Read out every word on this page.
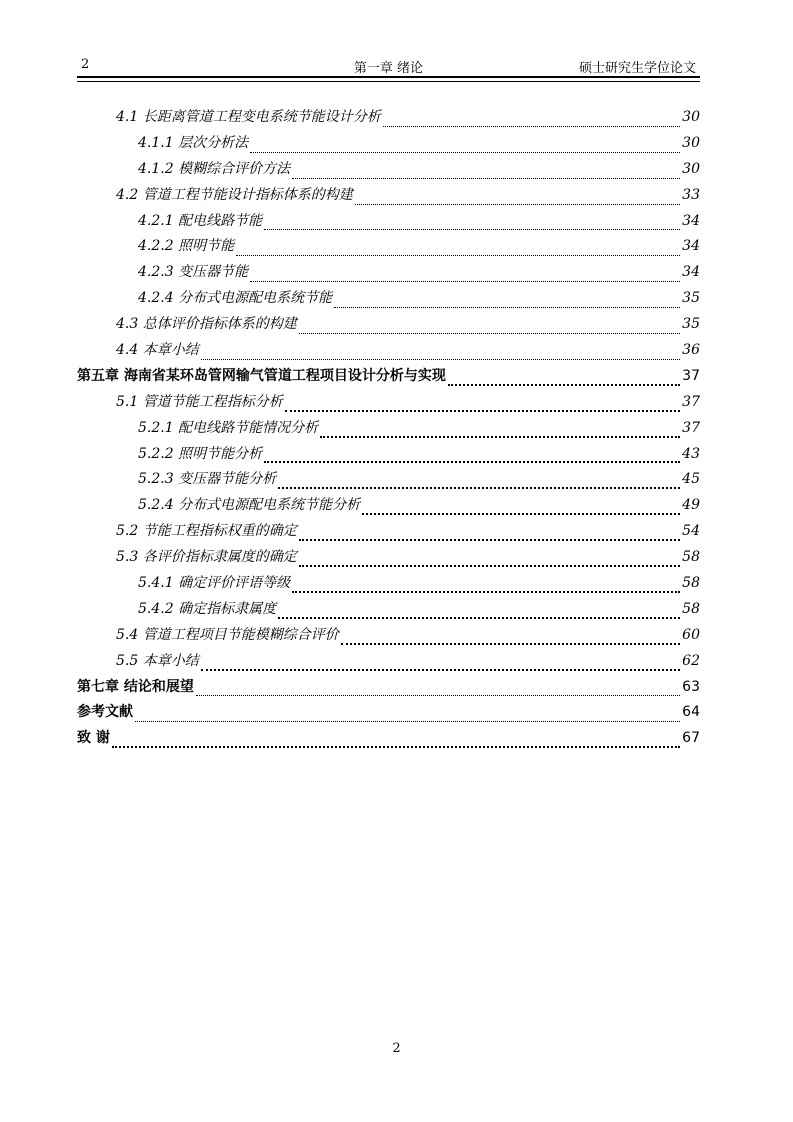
2	第一章 绪论	硕士研究生学位论文
4.1 长距离管道工程变电系统节能设计分析	30
4.1.1 层次分析法	30
4.1.2 模糊综合评价方法	30
4.2 管道工程节能设计指标体系的构建	33
4.2.1 配电线路节能	34
4.2.2 照明节能	34
4.2.3 变压器节能	34
4.2.4 分布式电源配电系统节能	35
4.3 总体评价指标体系的构建	35
4.4 本章小结	36
第五章 海南省某环岛管网输气管道工程项目设计分析与实现	37
5.1 管道节能工程指标分析	37
5.2.1 配电线路节能情况分析	37
5.2.2 照明节能分析	43
5.2.3 变压器节能分析	45
5.2.4 分布式电源配电系统节能分析	49
5.2 节能工程指标权重的确定	54
5.3 各评价指标隶属度的确定	58
5.4.1 确定评价评语等级	58
5.4.2 确定指标隶属度	58
5.4 管道工程项目节能模糊综合评价	60
5.5 本章小结	62
第七章 结论和展望	63
参考文献	64
致 谢	67
2
